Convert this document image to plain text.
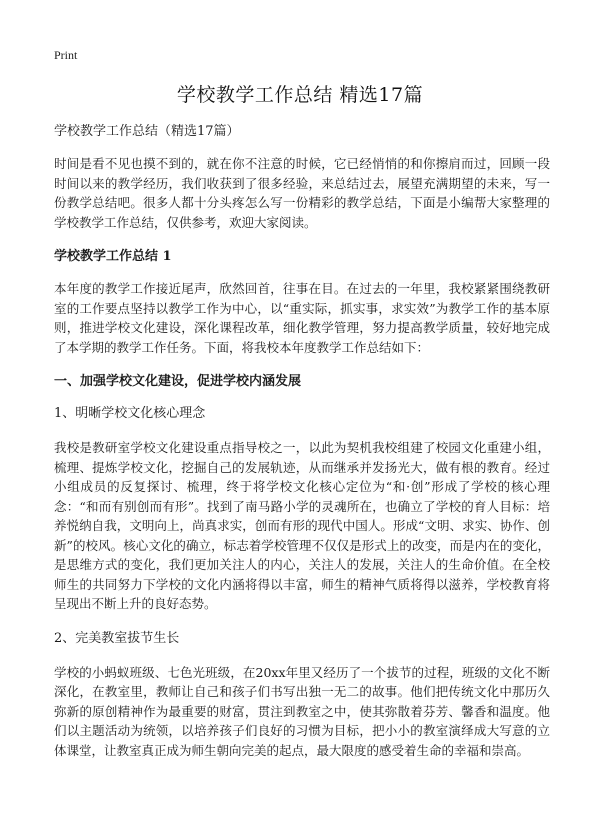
Print
学校教学工作总结 精选17篇

学校教学工作总结（精选17篇）

时间是看不见也摸不到的，就在你不注意的时候，它已经悄悄的和你擦肩而过，回顾一段时间以来的教学经历，我们收获到了很多经验，来总结过去，展望充满期望的未来，写一份教学总结吧。很多人都十分头疼怎么写一份精彩的教学总结，下面是小编帮大家整理的学校教学工作总结，仅供参考，欢迎大家阅读。

学校教学工作总结 1

本年度的教学工作接近尾声，欣然回首，往事在目。在过去的一年里，我校紧紧围绕教研室的工作要点坚持以教学工作为中心，以“重实际，抓实事，求实效”为教学工作的基本原则，推进学校文化建设，深化课程改革，细化教学管理，努力提高教学质量，较好地完成了本学期的教学工作任务。下面，将我校本年度教学工作总结如下：

一、加强学校文化建设，促进学校内涵发展

1、明晰学校文化核心理念

我校是教研室学校文化建设重点指导校之一，以此为契机我校组建了校园文化重建小组，梳理、提炼学校文化，挖掘自己的发展轨迹，从而继承并发扬光大，做有根的教育。经过小组成员的反复探讨、梳理，终于将学校文化核心定位为“和·创”形成了学校的核心理念：“和而有别创而有形”。找到了南马路小学的灵魂所在，也确立了学校的育人目标：培养悦纳自我，文明向上，尚真求实，创而有形的现代中国人。形成“文明、求实、协作、创新”的校风。核心文化的确立，标志着学校管理不仅仅是形式上的改变，而是内在的变化，是思维方式的变化，我们更加关注人的内心，关注人的发展，关注人的生命价值。在全校师生的共同努力下学校的文化内涵将得以丰富，师生的精神气质将得以滋养，学校教育将呈现出不断上升的良好态势。

2、完美教室拔节生长

学校的小蚂蚁班级、七色光班级，在20xx年里又经历了一个拔节的过程，班级的文化不断深化，在教室里，教师让自己和孩子们书写出独一无二的故事。他们把传统文化中那历久弥新的原创精神作为最重要的财富，贯注到教室之中，使其弥散着芬芳、馨香和温度。他们以主题活动为统领，以培养孩子们良好的习惯为目标，把小小的教室演绎成大写意的立体课堂，让教室真正成为师生朝向完美的起点，最大限度的感受着生命的幸福和崇高。
